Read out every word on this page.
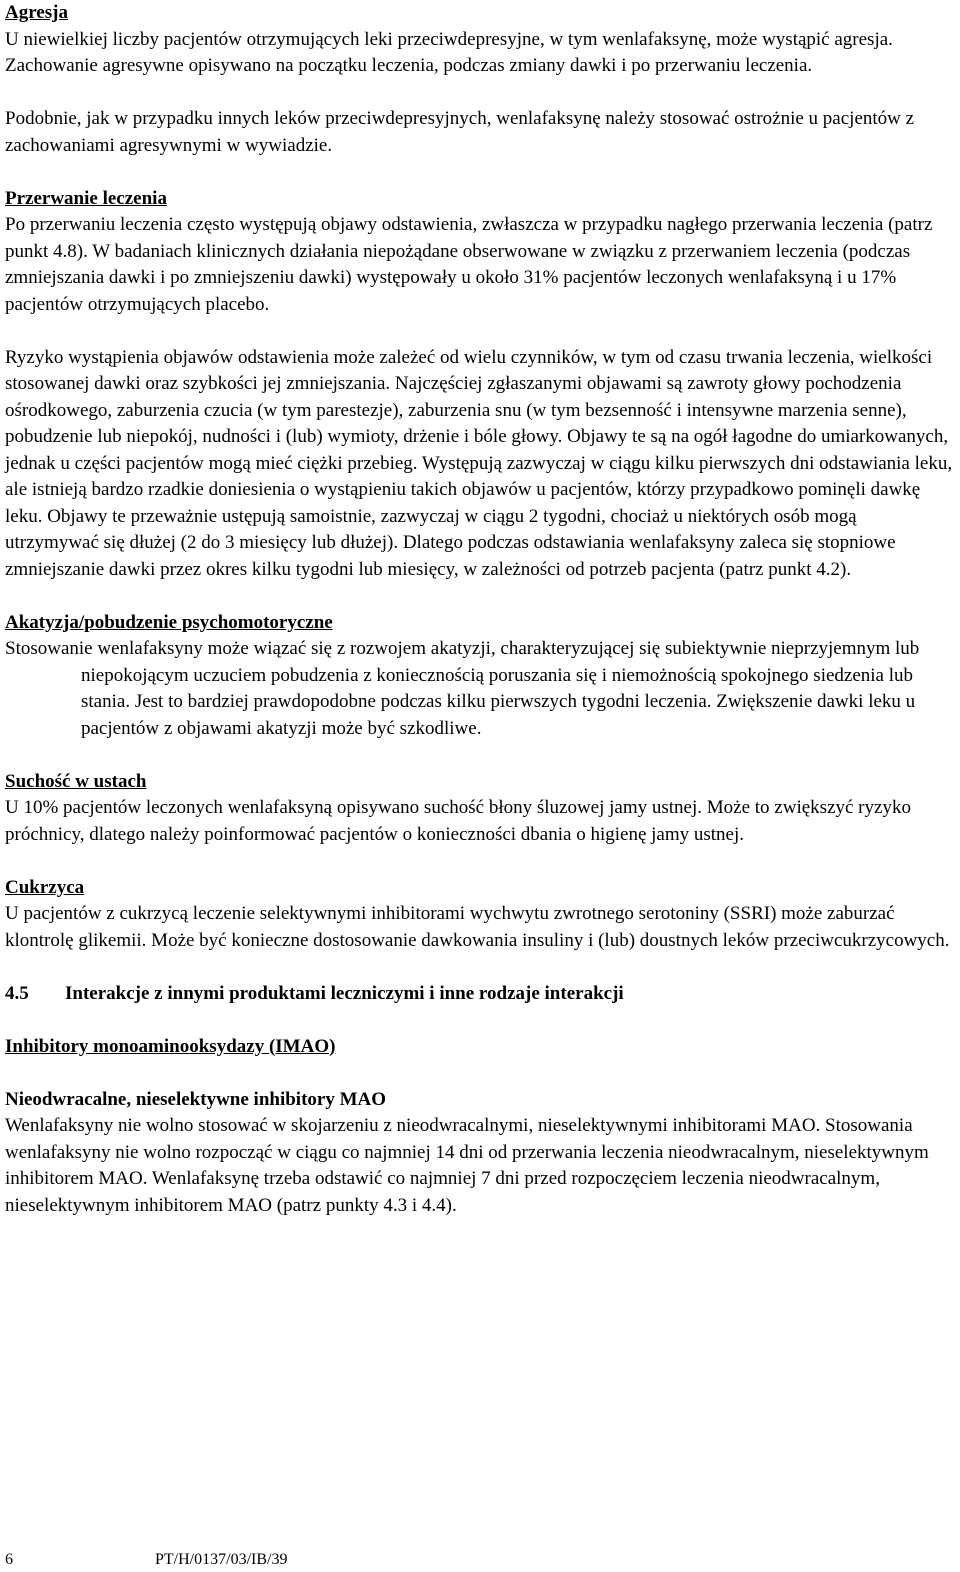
Agresja

U niewielkiej liczby pacjentów otrzymujących leki przeciwdepresyjne, w tym wenlafaksynę, może wystąpić agresja. Zachowanie agresywne opisywano na początku leczenia, podczas zmiany dawki i po przerwaniu leczenia.

Podobnie, jak w przypadku innych leków przeciwdepresyjnych, wenlafaksynę należy stosować ostrożnie u pacjentów z zachowaniami agresywnymi w wywiadzie.

Przerwanie leczenia

Po przerwaniu leczenia często występują objawy odstawienia, zwłaszcza w przypadku nagłego przerwania leczenia (patrz punkt 4.8). W badaniach klinicznych działania niepożądane obserwowane w związku z przerwaniem leczenia (podczas zmniejszania dawki i po zmniejszeniu dawki) występowały u około 31% pacjentów leczonych wenlafaksyną i u 17% pacjentów otrzymujących placebo.

Ryzyko wystąpienia objawów odstawienia może zależeć od wielu czynników, w tym od czasu trwania leczenia, wielkości stosowanej dawki oraz szybkości jej zmniejszania. Najczęściej zgłaszanymi objawami są zawroty głowy pochodzenia ośrodkowego, zaburzenia czucia (w tym parestezje), zaburzenia snu (w tym bezsenność i intensywne marzenia senne), pobudzenie lub niepokój, nudności i (lub) wymioty, drżenie i bóle głowy. Objawy te są na ogół łagodne do umiarkowanych, jednak u części pacjentów mogą mieć ciężki przebieg. Występują zazwyczaj w ciągu kilku pierwszych dni odstawiania leku, ale istnieją bardzo rzadkie doniesienia o wystąpieniu takich objawów u pacjentów, którzy przypadkowo pominęli dawkę leku. Objawy te przeważnie ustępują samoistnie, zazwyczaj w ciągu 2 tygodni, chociaż u niektórych osób mogą utrzymywać się dłużej (2 do 3 miesięcy lub dłużej). Dlatego podczas odstawiania wenlafaksyny zaleca się stopniowe zmniejszanie dawki przez okres kilku tygodni lub miesięcy, w zależności od potrzeb pacjenta (patrz punkt 4.2).

Akatyzja/pobudzenie psychomotoryczne

Stosowanie wenlafaksyny może wiązać się z rozwojem akatyzji, charakteryzującej się subiektywnie nieprzyjemnym lub niepokojącym uczuciem pobudzenia z koniecznością poruszania się i niemożnością spokojnego siedzenia lub stania. Jest to bardziej prawdopodobne podczas kilku pierwszych tygodni leczenia. Zwiększenie dawki leku u pacjentów z objawami akatyzji może być szkodliwe.

Suchość w ustach

U 10% pacjentów leczonych wenlafaksyną opisywano suchość błony śluzowej jamy ustnej. Może to zwiększyć ryzyko próchnicy, dlatego należy poinformować pacjentów o konieczności dbania o higienę jamy ustnej.

Cukrzyca

U pacjentów z cukrzycą leczenie selektywnymi inhibitorami wychwytu zwrotnego serotoniny (SSRI) może zaburzać klontrolę glikemii. Może być konieczne dostosowanie dawkowania insuliny i (lub) doustnych leków przeciwcukrzycowych.

4.5 Interakcje z innymi produktami leczniczymi i inne rodzaje interakcji

Inhibitory monoaminooksydazy (IMAO)

Nieodwracalne, nieselektywne inhibitory MAO

Wenlafaksyny nie wolno stosować w skojarzeniu z nieodwracalnymi, nieselektywnymi inhibitorami MAO. Stosowania wenlafaksyny nie wolno rozpocząć w ciągu co najmniej 14 dni od przerwania leczenia nieodwracalnym, nieselektywnym inhibitorem MAO. Wenlafaksynę trzeba odstawić co najmniej 7 dni przed rozpoczęciem leczenia nieodwracalnym, nieselektywnym inhibitorem MAO (patrz punkty 4.3 i 4.4).

6	PT/H/0137/03/IB/39
